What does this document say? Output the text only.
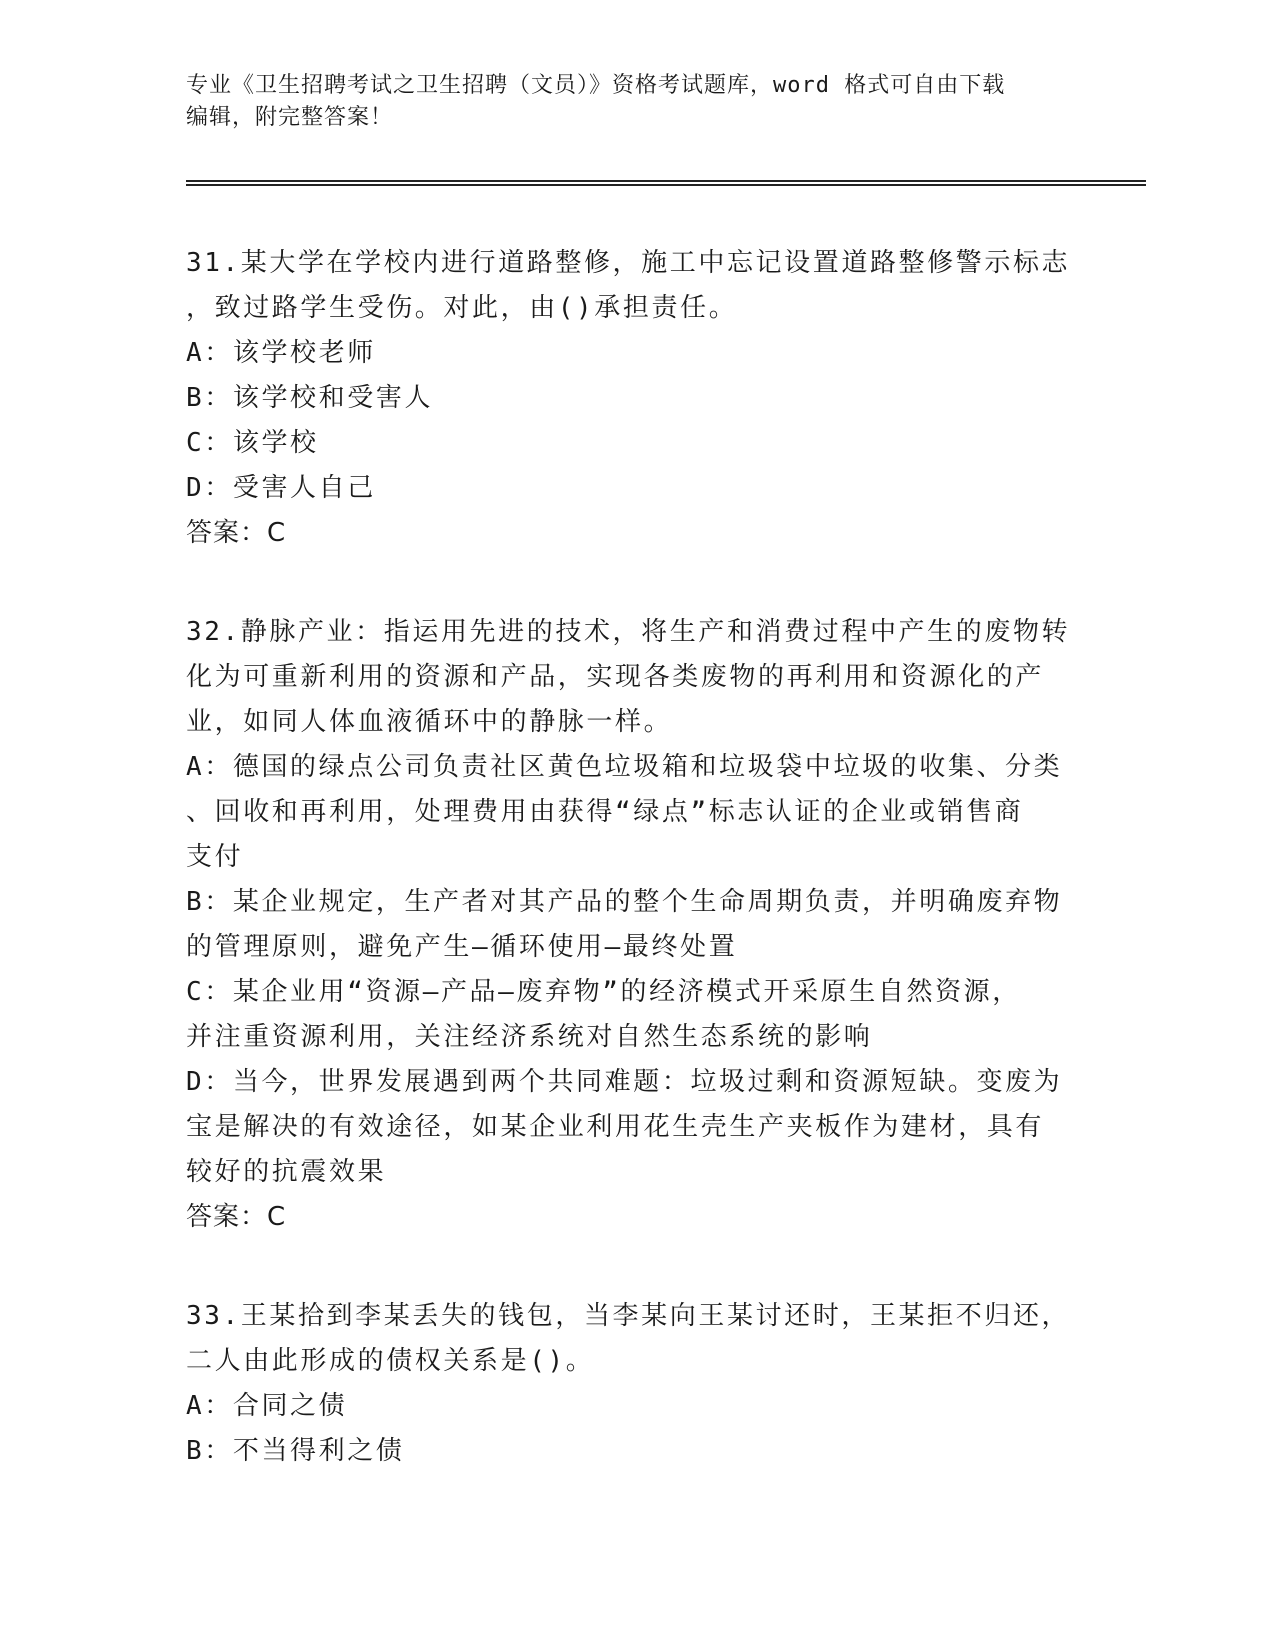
专业《卫生招聘考试之卫生招聘（文员）》资格考试题库，word 格式可自由下载
编辑，附完整答案！

31.某大学在学校内进行道路整修，施工中忘记设置道路整修警示标志
，致过路学生受伤。对此，由()承担责任。

A：该学校老师

B：该学校和受害人

C：该学校

D：受害人自己

答案：C

32.静脉产业：指运用先进的技术，将生产和消费过程中产生的废物转
化为可重新利用的资源和产品，实现各类废物的再利用和资源化的产
业，如同人体血液循环中的静脉一样。

A：德国的绿点公司负责社区黄色垃圾箱和垃圾袋中垃圾的收集、分类
、回收和再利用，处理费用由获得“绿点”标志认证的企业或销售商
支付

B：某企业规定，生产者对其产品的整个生命周期负责，并明确废弃物
的管理原则，避免产生—循环使用—最终处置

C：某企业用“资源—产品—废弃物”的经济模式开采原生自然资源，
并注重资源利用，关注经济系统对自然生态系统的影响

D：当今，世界发展遇到两个共同难题：垃圾过剩和资源短缺。变废为
宝是解决的有效途径，如某企业利用花生壳生产夹板作为建材，具有
较好的抗震效果

答案：C

33.王某拾到李某丢失的钱包，当李某向王某讨还时，王某拒不归还，
二人由此形成的债权关系是()。

A：合同之债

B：不当得利之债
